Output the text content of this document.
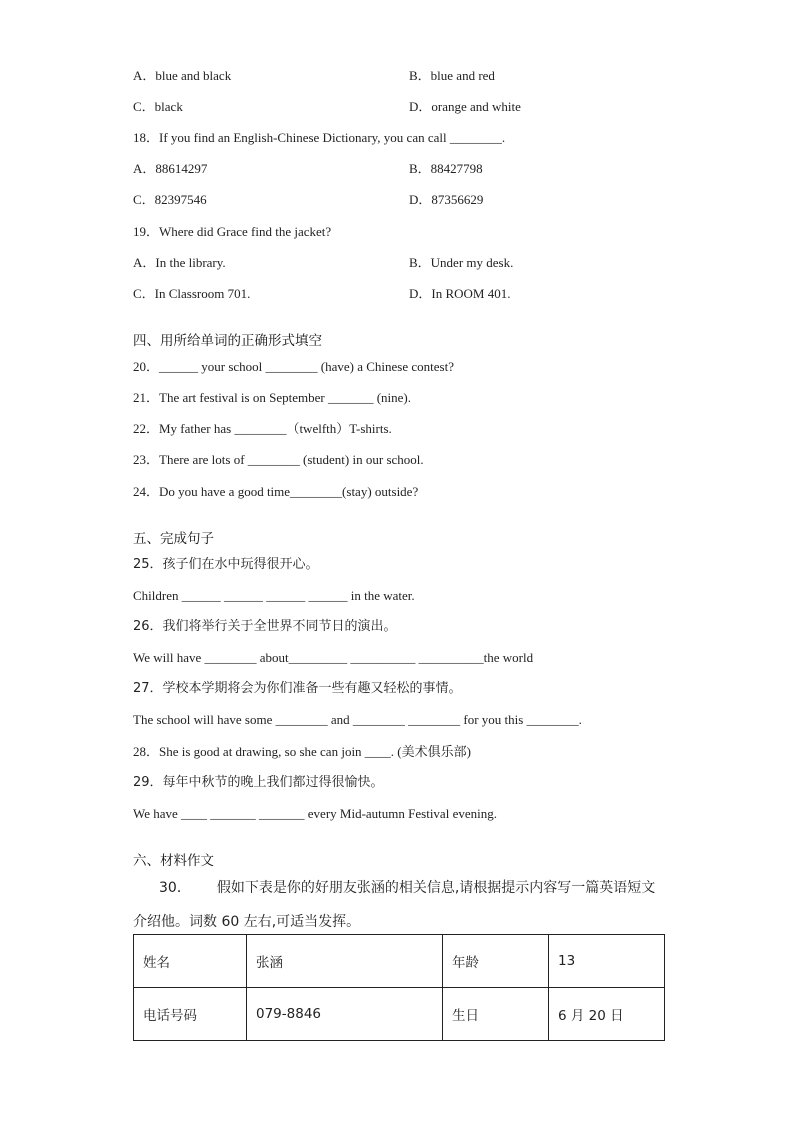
A．blue and black	B．blue and red
C．black	D．orange and white
18．If you find an English-Chinese Dictionary, you can call ________.
A．88614297	B．88427798
C．82397546	D．87356629
19．Where did Grace find the jacket?
A．In the library.	B．Under my desk.
C．In Classroom 701.	D．In ROOM 401.
四、用所给单词的正确形式填空
20．______ your school ________ (have) a Chinese contest?
21．The art festival is on September _______ (nine).
22．My father has ________（twelfth）T-shirts.
23．There are lots of ________ (student) in our school.
24．Do you have a good time________(stay) outside?
五、完成句子
25．孩子们在水中玩得很开心。
Children ______ ______ ______ ______ in the water.
26．我们将举行关于全世界不同节日的演出。
We will have ________ about_________ __________ __________the world
27．学校本学期将会为你们准备一些有趣又轻松的事情。
The school will have some ________ and ________ ________ for you this ________.
28．She is good at drawing, so she can join ____. (美术俱乐部)
29．每年中秋节的晚上我们都过得很愉快。
We have ____ _______ _______ every Mid-autumn Festival evening.
六、材料作文
30． 假如下表是你的好朋友张涵的相关信息,请根据提示内容写一篇英语短文介绍他。词数 60 左右,可适当发挥。
姓名	张涵	年龄	13
电话号码	079-8846	生日	6 月 20 日
